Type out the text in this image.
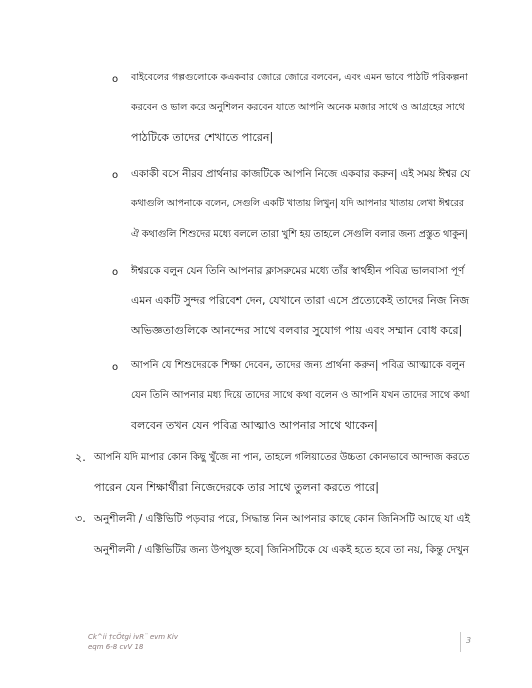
o বাইবেলের গল্পগুলোকে কএকবার জোরে জোরে বলবেন, এবং এমন ভাবে পাঠটি পরিকল্পনা
করবেন ও ভাল করে অনুশিলন করবেন যাতে আপনি অনেক মজার সাথে ও আগ্রহের সাথে
পাঠটিকে তাদের শেখাতে পারেন|
o একাকী বসে নীরব প্রার্থনার কাজটিকে আপনি নিজে একবার করুন| এই সময় ঈশ্বর যে
কথাগুলি আপনাকে বলেন, সেগুলি একটি খাতায় লিখুন| যদি আপনার খাতায় লেখা ঈশ্বরের
ঐ কথাগুলি শিশুদের মধ্যে বললে তারা খুশি হয় তাহলে সেগুলি বলার জন্য প্রস্তুত থাকুন|
o ঈশ্বরকে বলুন যেন তিনি আপনার ক্লাসরুমের মধ্যে তাঁর স্বার্থহীন পবিত্র ভালবাসা পূর্ণ
এমন একটি সুন্দর পরিবেশ দেন, যেখানে তারা এসে প্রত্যেকেই তাদের নিজ নিজ
অভিজ্ঞতাগুলিকে আনন্দের সাথে বলবার সুযোগ পায় এবং সম্মান বোধ করে|
o আপনি যে শিশুদেরকে শিক্ষা দেবেন, তাদের জন্য প্রার্থনা করুন| পবিত্র আত্মাকে বলুন
যেন তিনি আপনার মধ্য দিয়ে তাদের সাথে কথা বলেন ও আপনি যখন তাদের সাথে কথা
বলবেন তখন যেন পবিত্র আত্মাও আপনার সাথে থাকেন|
২. আপনি যদি মাপার কোন কিছু খুঁজে না পান, তাহলে গলিয়াতের উচ্চতা কোনভাবে আন্দাজ করতে
পারেন যেন শিক্ষার্থীরা নিজেদেরকে তার সাথে তুলনা করতে পারে|
৩. অনুশীলনী / এক্টিভিটি পড়বার পরে, সিদ্ধান্ত নিন আপনার কাছে কোন জিনিসটি আছে যা এই
অনুশীলনী / এক্টিভিটির জন্য উপযুক্ত হবে| জিনিসটিকে যে একই হতে হবে তা নয়, কিন্তু দেখুন
Ck^ii †cÖtgi ivR¨ evm Kiv
eqm 6-8 cvV 18
3
